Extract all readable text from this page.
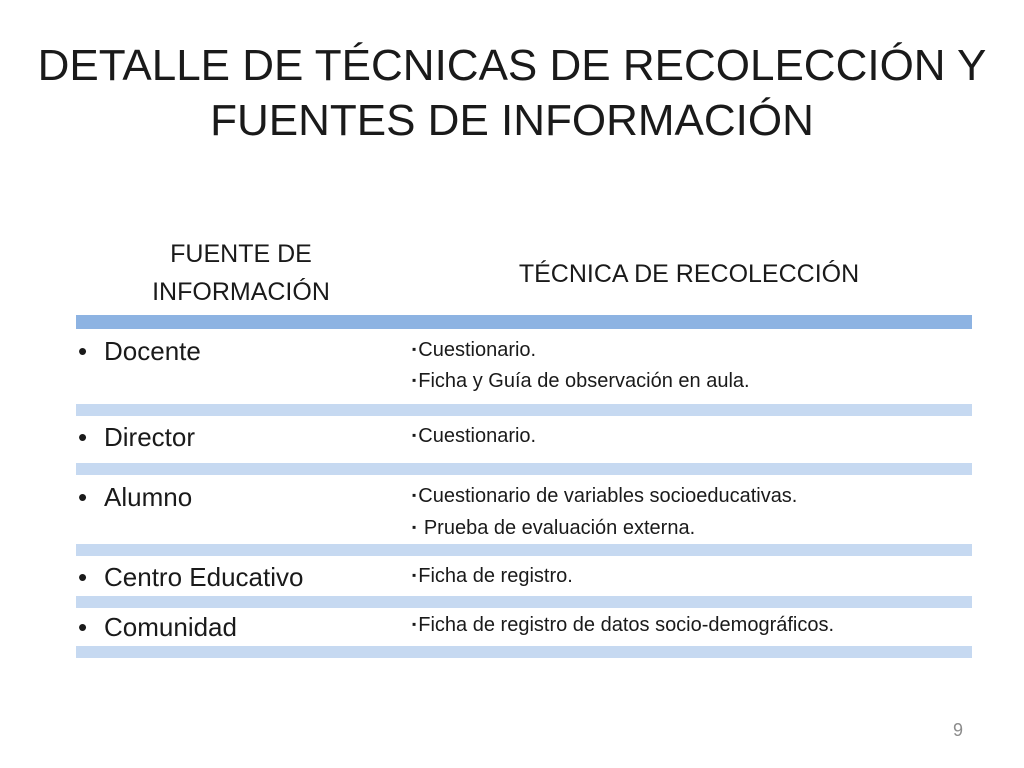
DETALLE DE TÉCNICAS DE RECOLECCIÓN Y
FUENTES DE INFORMACIÓN
FUENTE DE
INFORMACIÓN
TÉCNICA DE RECOLECCIÓN
• Docente	▪ Cuestionario.
▪ Ficha y Guía de observación en aula.
• Director	▪ Cuestionario.
• Alumno	▪ Cuestionario de variables socioeducativas.
▪ Prueba de evaluación externa.
• Centro Educativo	▪ Ficha de registro.
• Comunidad	▪ Ficha de registro de datos socio-demográficos.
9
